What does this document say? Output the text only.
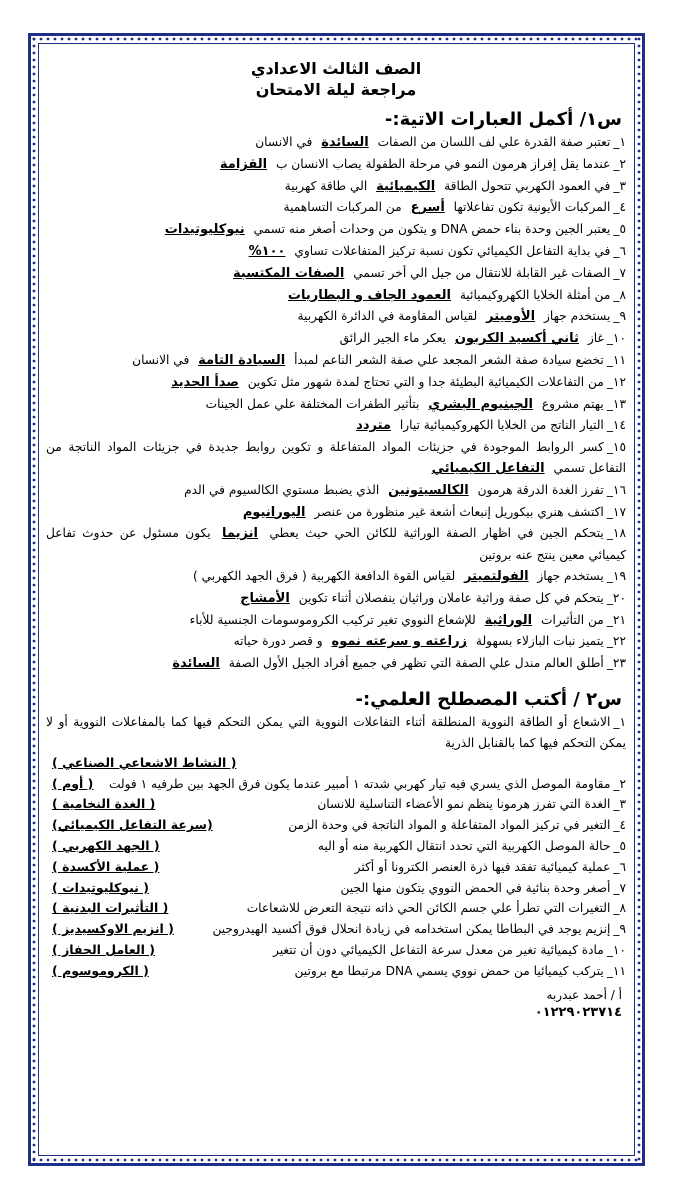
الصف الثالث الاعدادي
مراجعة ليلة الامتحان
س١/ أكمل العبارات الاتية:-
١_تعتبر صفة القدرة علي لف اللسان من الصفات السائدة في الانسان
٢_عندما يقل إفراز هرمون النمو في مرحلة الطفولة يصاب الانسان ب القزامة
٣_في العمود الكهربي تتحول الطاقة الكيميائية الي طاقة كهربية
٤_المركبات الأيونية تكون تفاعلاتها أسرع من المركبات التساهمية
٥_يعتبر الجين وحدة بناء حمض DNA و يتكون من وحدات أصغر منه تسمي نيوكليوتيدات
٦_في بداية التفاعل الكيميائي تكون نسبة تركيز المتفاعلات تساوي ١٠٠%
٧_الصفات غير القابلة للانتقال من جيل الي أخر تسمي الصفات المكتسبة
٨_من أمثلة الخلايا الكهروكيميائية العمود الجاف و البطاريات
٩_يستخدم جهاز الأوميتر لقياس المقاومة في الدائرة الكهربية
١٠_غاز ثاني أكسيد الكربون يعكر ماء الجير الرائق
١١_تخضع سيادة صفة الشعر المجعد علي صفة الشعر الناعم لمبدأ السيادة التامة في الانسان
١٢_من التفاعلات الكيميائية البطيئة جدا و التي تحتاج لمدة شهور مثل تكوين صدأ الحديد
١٣_يهتم مشروع الجينيوم البشري بتأثير الطفرات المختلفة علي عمل الجينات
١٤_التيار الناتج من الخلايا الكهروكيميائية تيارا متردد
١٥_كسر الروابط الموجودة في جزيئات المواد المتفاعلة و تكوين روابط جديدة في جزيئات المواد الناتجة من التفاعل تسمي التفاعل الكيميائي
١٦_تفرز الغدة الدرقة هرمون الكالسيتونين الذي يضبط مستوي الكالسيوم في الدم
١٧_اكتشف هنري بيكوريل إنبعاث أشعة غير منظورة من عنصر اليورانيوم
١٨_يتحكم الجين في اظهار الصفة الوراثية للكائن الحي حيث يعطي انزيما يكون مسئول عن حدوث تفاعل كيميائي معين ينتج عنه بروتين
١٩_يستخدم جهاز الفولتميتر لقياس القوة الدافعة الكهربية ( فرق الجهد الكهربي )
٢٠_يتحكم في كل صفة وراثية عاملان وراثيان ينفصلان أثناء تكوين الأمشاج
٢١_من التأثيرات الوراثية للإشعاع النووي تغير تركيب الكروموسومات الجنسية للأباء
٢٢_يتميز نبات البازلاء بسهولة زراعته و سرعته نموه و قصر دورة حياته
٢٣_أطلق العالم مندل علي الصفة التي تظهر في جميع أفراد الجيل الأول الصفة السائدة
س٢ / أكتب المصطلح العلمي:-
١_الاشعاع أو الطاقة النووية المنطلقة أثناء التفاعلات النووية التي يمكن التحكم فيها كما بالمفاعلات النووية أو لا يمكن التحكم فيها كما بالقنابل الذرية
( النشاط الاشعاعي الصناعي )
٢_مقاومة الموصل الذي يسري فيه تيار كهربي شدته ١ أمبير عندما يكون فرق الجهد بين طرفيه ١ فولت
( أوم )
٣_الغدة التي تفرز هرمونا ينظم نمو الأعضاء التناسلية للانسان
( الغدة النخامية )
٤_التغير في تركيز المواد المتفاعلة و المواد الناتجة في وحدة الزمن
(سرعة التفاعل الكيميائي)
٥_حالة الموصل الكهربية التي تحدد انتقال الكهربية منه أو اليه
( الجهد الكهربي )
٦_عملية كيميائية تفقد فيها ذرة العنصر الكترونا أو أكثر
( عملية الأكسدة )
٧_أصغر وحدة بنائية في الحمض النووي يتكون منها الجين
( نيوكليوتيدات )
٨_التغيرات التي تطرأ علي جسم الكائن الحي ذاته نتيجة التعرض للاشعاعات
( التأثيرات البدنية )
٩_إنزيم يوجد في البطاطا يمكن استخدامه في زيادة انحلال فوق أكسيد الهيدروجين
( انزيم الاوكسيديز )
١٠_مادة كيميائية تغير من معدل سرعة التفاعل الكيميائي دون أن تتغير
( العامل الحفاز )
١١_يتركب كيميائيا من حمض نووي يسمي DNA مرتبطا مع بروتين
( الكروموسوم )
أ / أحمد عبدربه
٠١٢٢٩٠٢٣٧١٤
